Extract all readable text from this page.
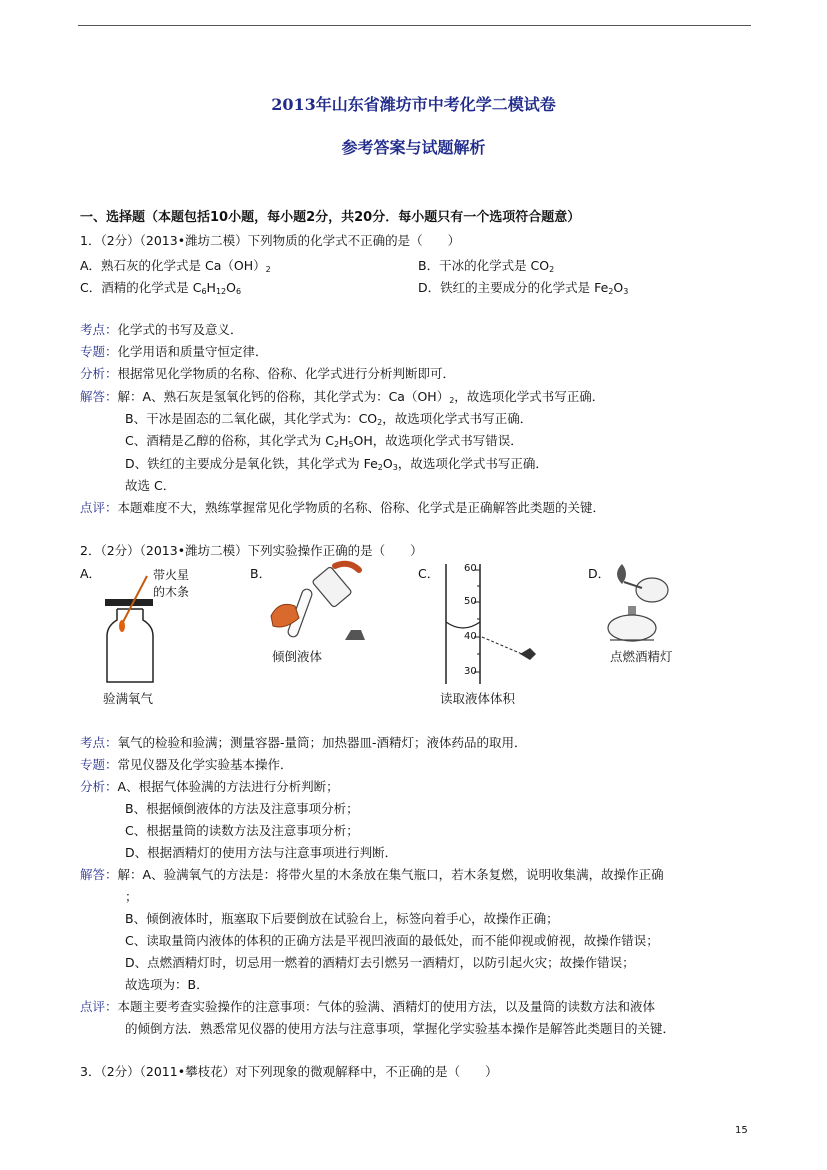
2013年山东省潍坊市中考化学二模试卷
参考答案与试题解析
一、选择题（本题包括10小题，每小题2分，共20分．每小题只有一个选项符合题意）
1．（2分）（2013•潍坊二模）下列物质的化学式不正确的是（　　）
A．熟石灰的化学式是 $Ca(OH)_2$	B．干冰的化学式是 $CO_2$
C．酒精的化学式是 $C_6H_{12}O_6$	D．铁红的主要成分的化学式是 $Fe_2O_3$
考点：化学式的书写及意义．
专题：化学用语和质量守恒定律．
分析：根据常见化学物质的名称、俗称、化学式进行分析判断即可．
解答：解：A、熟石灰是氢氧化钙的俗称，其化学式为：$Ca(OH)_2$，故选项化学式书写正确．
B、干冰是固态的二氧化碳，其化学式为：$CO_2$，故选项化学式书写正确．
C、酒精是乙醇的俗称，其化学式为 $C_2H_5OH$，故选项化学式书写错误．
D、铁红的主要成分是氧化铁，其化学式为 $Fe_2O_3$，故选项化学式书写正确．
故选 C．
点评：本题难度不大，熟练掌握常见化学物质的名称、俗称、化学式是正确解答此类题的关键．
2．（2分）（2013•潍坊二模）下列实验操作正确的是（　　）
A．	B．	C．	D．
带火星
的木条
验满氧气
倾倒液体
60
50
40
30
读取液体体积
点燃酒精灯
考点：氧气的检验和验满；测量容器-量筒；加热器皿-酒精灯；液体药品的取用．
专题：常见仪器及化学实验基本操作．
分析：A、根据气体验满的方法进行分析判断；
B、根据倾倒液体的方法及注意事项分析；
C、根据量筒的读数方法及注意事项分析；
D、根据酒精灯的使用方法与注意事项进行判断．
解答：解：A、验满氧气的方法是：将带火星的木条放在集气瓶口，若木条复燃，说明收集满，故操作正确
；
B、倾倒液体时，瓶塞取下后要倒放在试验台上，标签向着手心，故操作正确；
C、读取量筒内液体的体积的正确方法是平视凹液面的最低处，而不能仰视或俯视，故操作错误；
D、点燃酒精灯时，切忌用一燃着的酒精灯去引燃另一酒精灯，以防引起火灾；故操作错误；
故选项为：B．
点评：本题主要考查实验操作的注意事项：气体的验满、酒精灯的使用方法，以及量筒的读数方法和液体
的倾倒方法．熟悉常见仪器的使用方法与注意事项，掌握化学实验基本操作是解答此类题目的关键．
3．（2分）（2011•攀枝花）对下列现象的微观解释中，不正确的是（　　）
15
